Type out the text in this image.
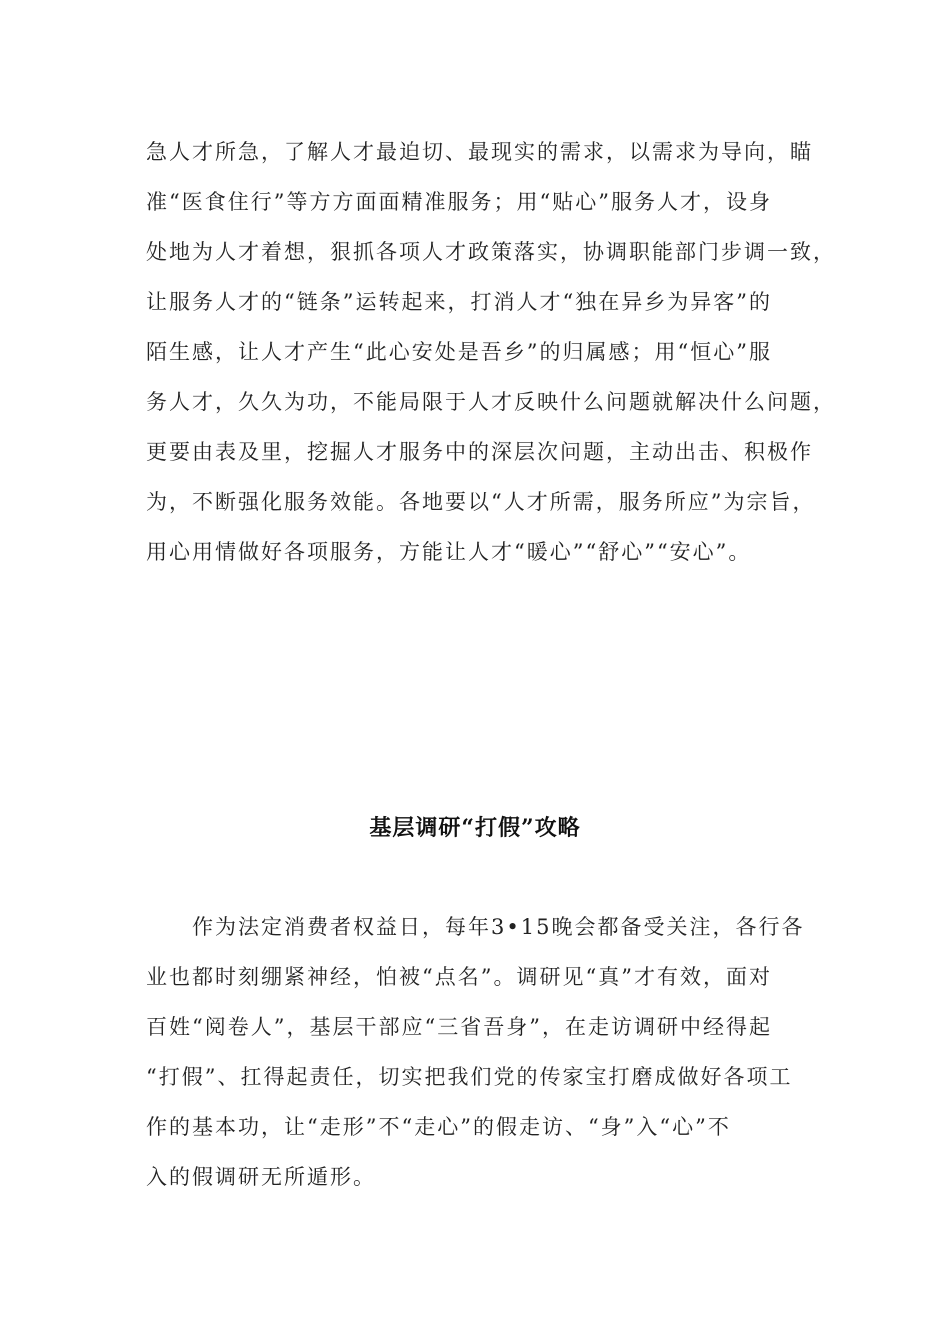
急人才所急，了解人才最迫切、最现实的需求，以需求为导向，瞄
准“医食住行”等方方面面精准服务；用“贴心”服务人才，设身
处地为人才着想，狠抓各项人才政策落实，协调职能部门步调一致，
让服务人才的“链条”运转起来，打消人才“独在异乡为异客”的
陌生感，让人才产生“此心安处是吾乡”的归属感；用“恒心”服
务人才，久久为功，不能局限于人才反映什么问题就解决什么问题，
更要由表及里，挖掘人才服务中的深层次问题，主动出击、积极作
为，不断强化服务效能。各地要以“人才所需，服务所应”为宗旨，
用心用情做好各项服务，方能让人才“暖心”“舒心”“安心”。
基层调研“打假”攻略
　　作为法定消费者权益日，每年3•15晚会都备受关注，各行各
业也都时刻绷紧神经，怕被“点名”。调研见“真”才有效，面对
百姓“阅卷人”，基层干部应“三省吾身”，在走访调研中经得起
“打假”、扛得起责任，切实把我们党的传家宝打磨成做好各项工
作的基本功，让“走形”不“走心”的假走访、“身”入“心”不
入的假调研无所遁形。
